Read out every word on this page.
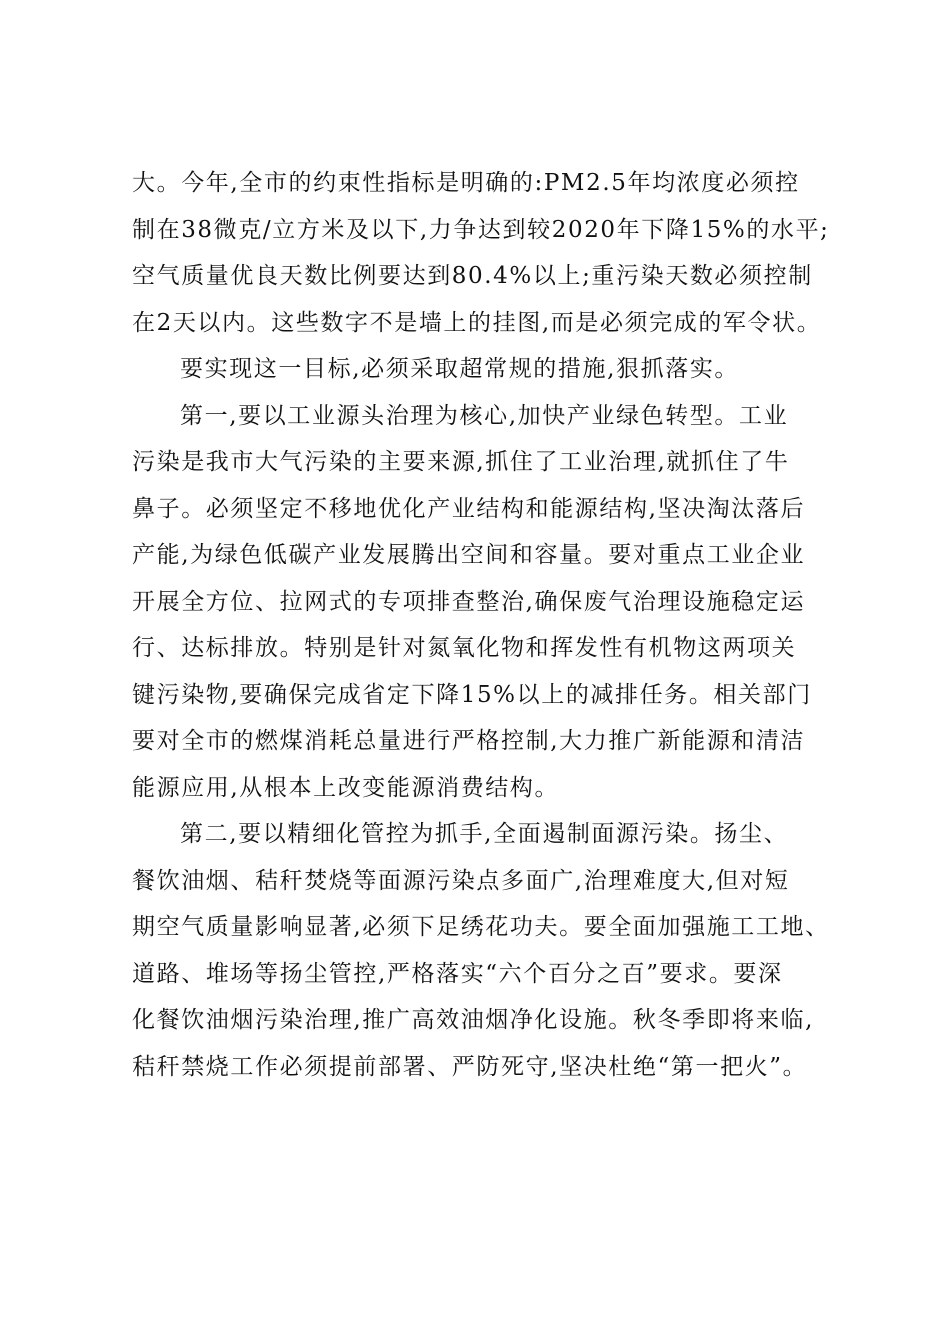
大。今年,全市的约束性指标是明确的:PM2.5年均浓度必须控
制在38微克/立方米及以下,力争达到较2020年下降15%的水平;
空气质量优良天数比例要达到80.4%以上;重污染天数必须控制
在2天以内。这些数字不是墙上的挂图,而是必须完成的军令状。
要实现这一目标,必须采取超常规的措施,狠抓落实。
第一,要以工业源头治理为核心,加快产业绿色转型。工业
污染是我市大气污染的主要来源,抓住了工业治理,就抓住了牛
鼻子。必须坚定不移地优化产业结构和能源结构,坚决淘汰落后
产能,为绿色低碳产业发展腾出空间和容量。要对重点工业企业
开展全方位、拉网式的专项排查整治,确保废气治理设施稳定运
行、达标排放。特别是针对氮氧化物和挥发性有机物这两项关
键污染物,要确保完成省定下降15%以上的减排任务。相关部门
要对全市的燃煤消耗总量进行严格控制,大力推广新能源和清洁
能源应用,从根本上改变能源消费结构。
第二,要以精细化管控为抓手,全面遏制面源污染。扬尘、
餐饮油烟、秸秆焚烧等面源污染点多面广,治理难度大,但对短
期空气质量影响显著,必须下足绣花功夫。要全面加强施工工地、
道路、堆场等扬尘管控,严格落实“六个百分之百”要求。要深
化餐饮油烟污染治理,推广高效油烟净化设施。秋冬季即将来临,
秸秆禁烧工作必须提前部署、严防死守,坚决杜绝“第一把火”。
